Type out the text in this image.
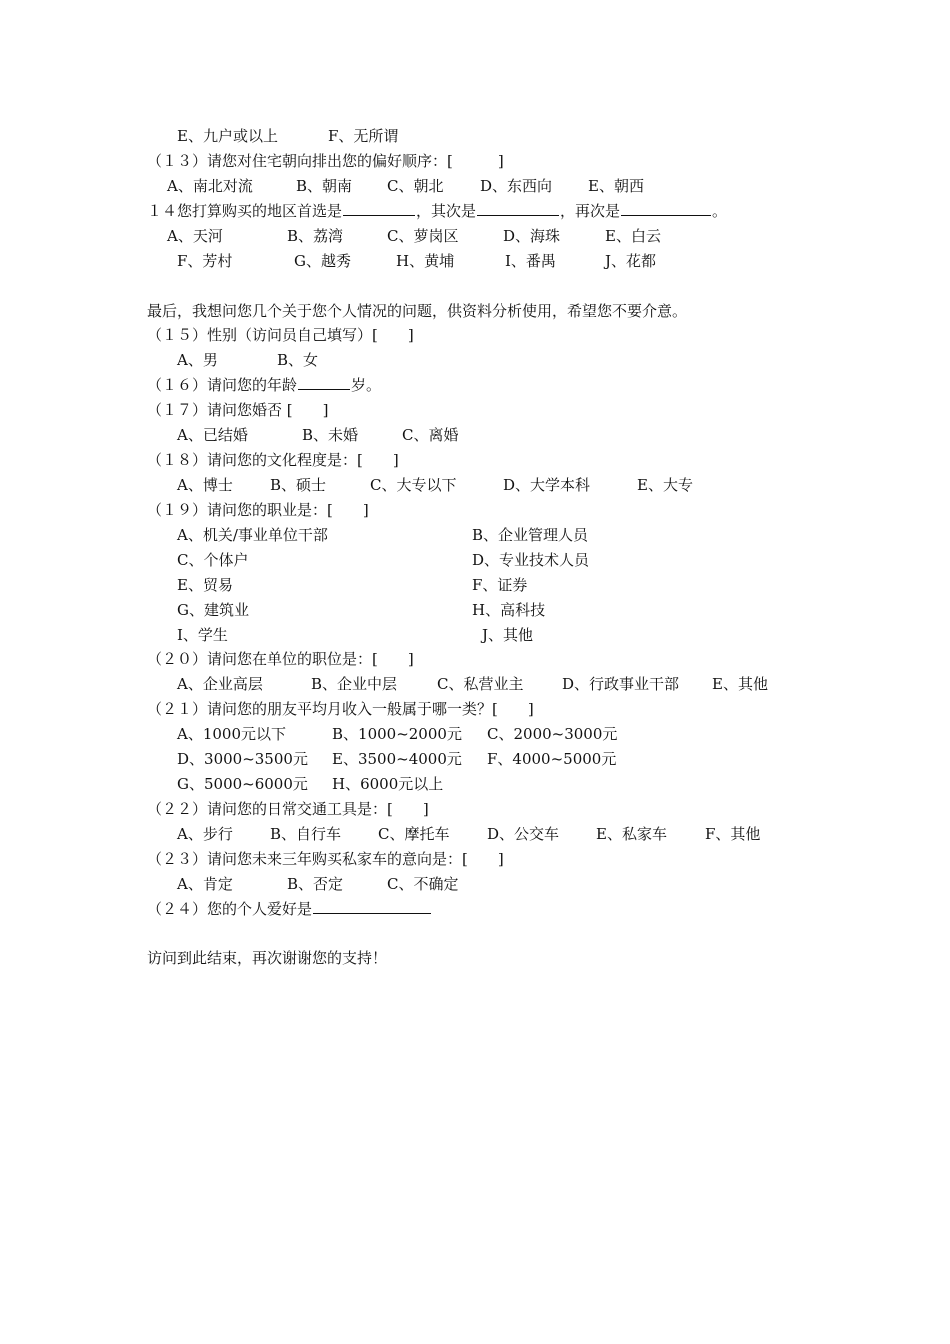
E、九户或以上	F、无所谓
（１３）请您对住宅朝向排出您的偏好顺序：[　　　]
A、南北对流	B、朝南 C、朝北 D、东西向 E、朝西
１４您打算购买的地区首选是	，其次是	，再次是	。
A、天河	B、荔湾	C、萝岗区	D、海珠	E、白云
F、芳村	G、越秀	H、黄埔	I、番禺	J、花都
最后，我想问您几个关于您个人情况的问题，供资料分析使用，希望您不要介意。
（１５）性别（访问员自己填写）[　　]
A、男	B、女
（１６）请问您的年龄	岁。
（１７）请问您婚否 [　　]
A、已结婚	B、未婚	C、离婚
（１８）请问您的文化程度是：[　　]
A、博士 B、硕士	C、大专以下	D、大学本科	E、大专
（１９）请问您的职业是：[　　]
A、机关/事业单位干部	B、企业管理人员
C、个体户	D、专业技术人员
E、贸易	F、证券
G、建筑业	H、高科技
I、学生	J、其他
（２０）请问您在单位的职位是：[　　]
A、企业高层	B、企业中层	C、私营业主	D、行政事业干部 E、其他
（２１）请问您的朋友平均月收入一般属于哪一类？[　　]
A、1000元以下	B、1000~2000元 C、2000~3000元
D、3000~3500元 E、3500~4000元 F、4000~5000元
G、5000~6000元 H、6000元以上
（２２）请问您的日常交通工具是：[　　]
A、步行 B、自行车 C、摩托车	D、公交车 E、私家车	F、其他
（２３）请问您未来三年购买私家车的意向是：[　　]
A、肯定	B、否定	C、不确定
（２４）您的个人爱好是
访问到此结束，再次谢谢您的支持！
